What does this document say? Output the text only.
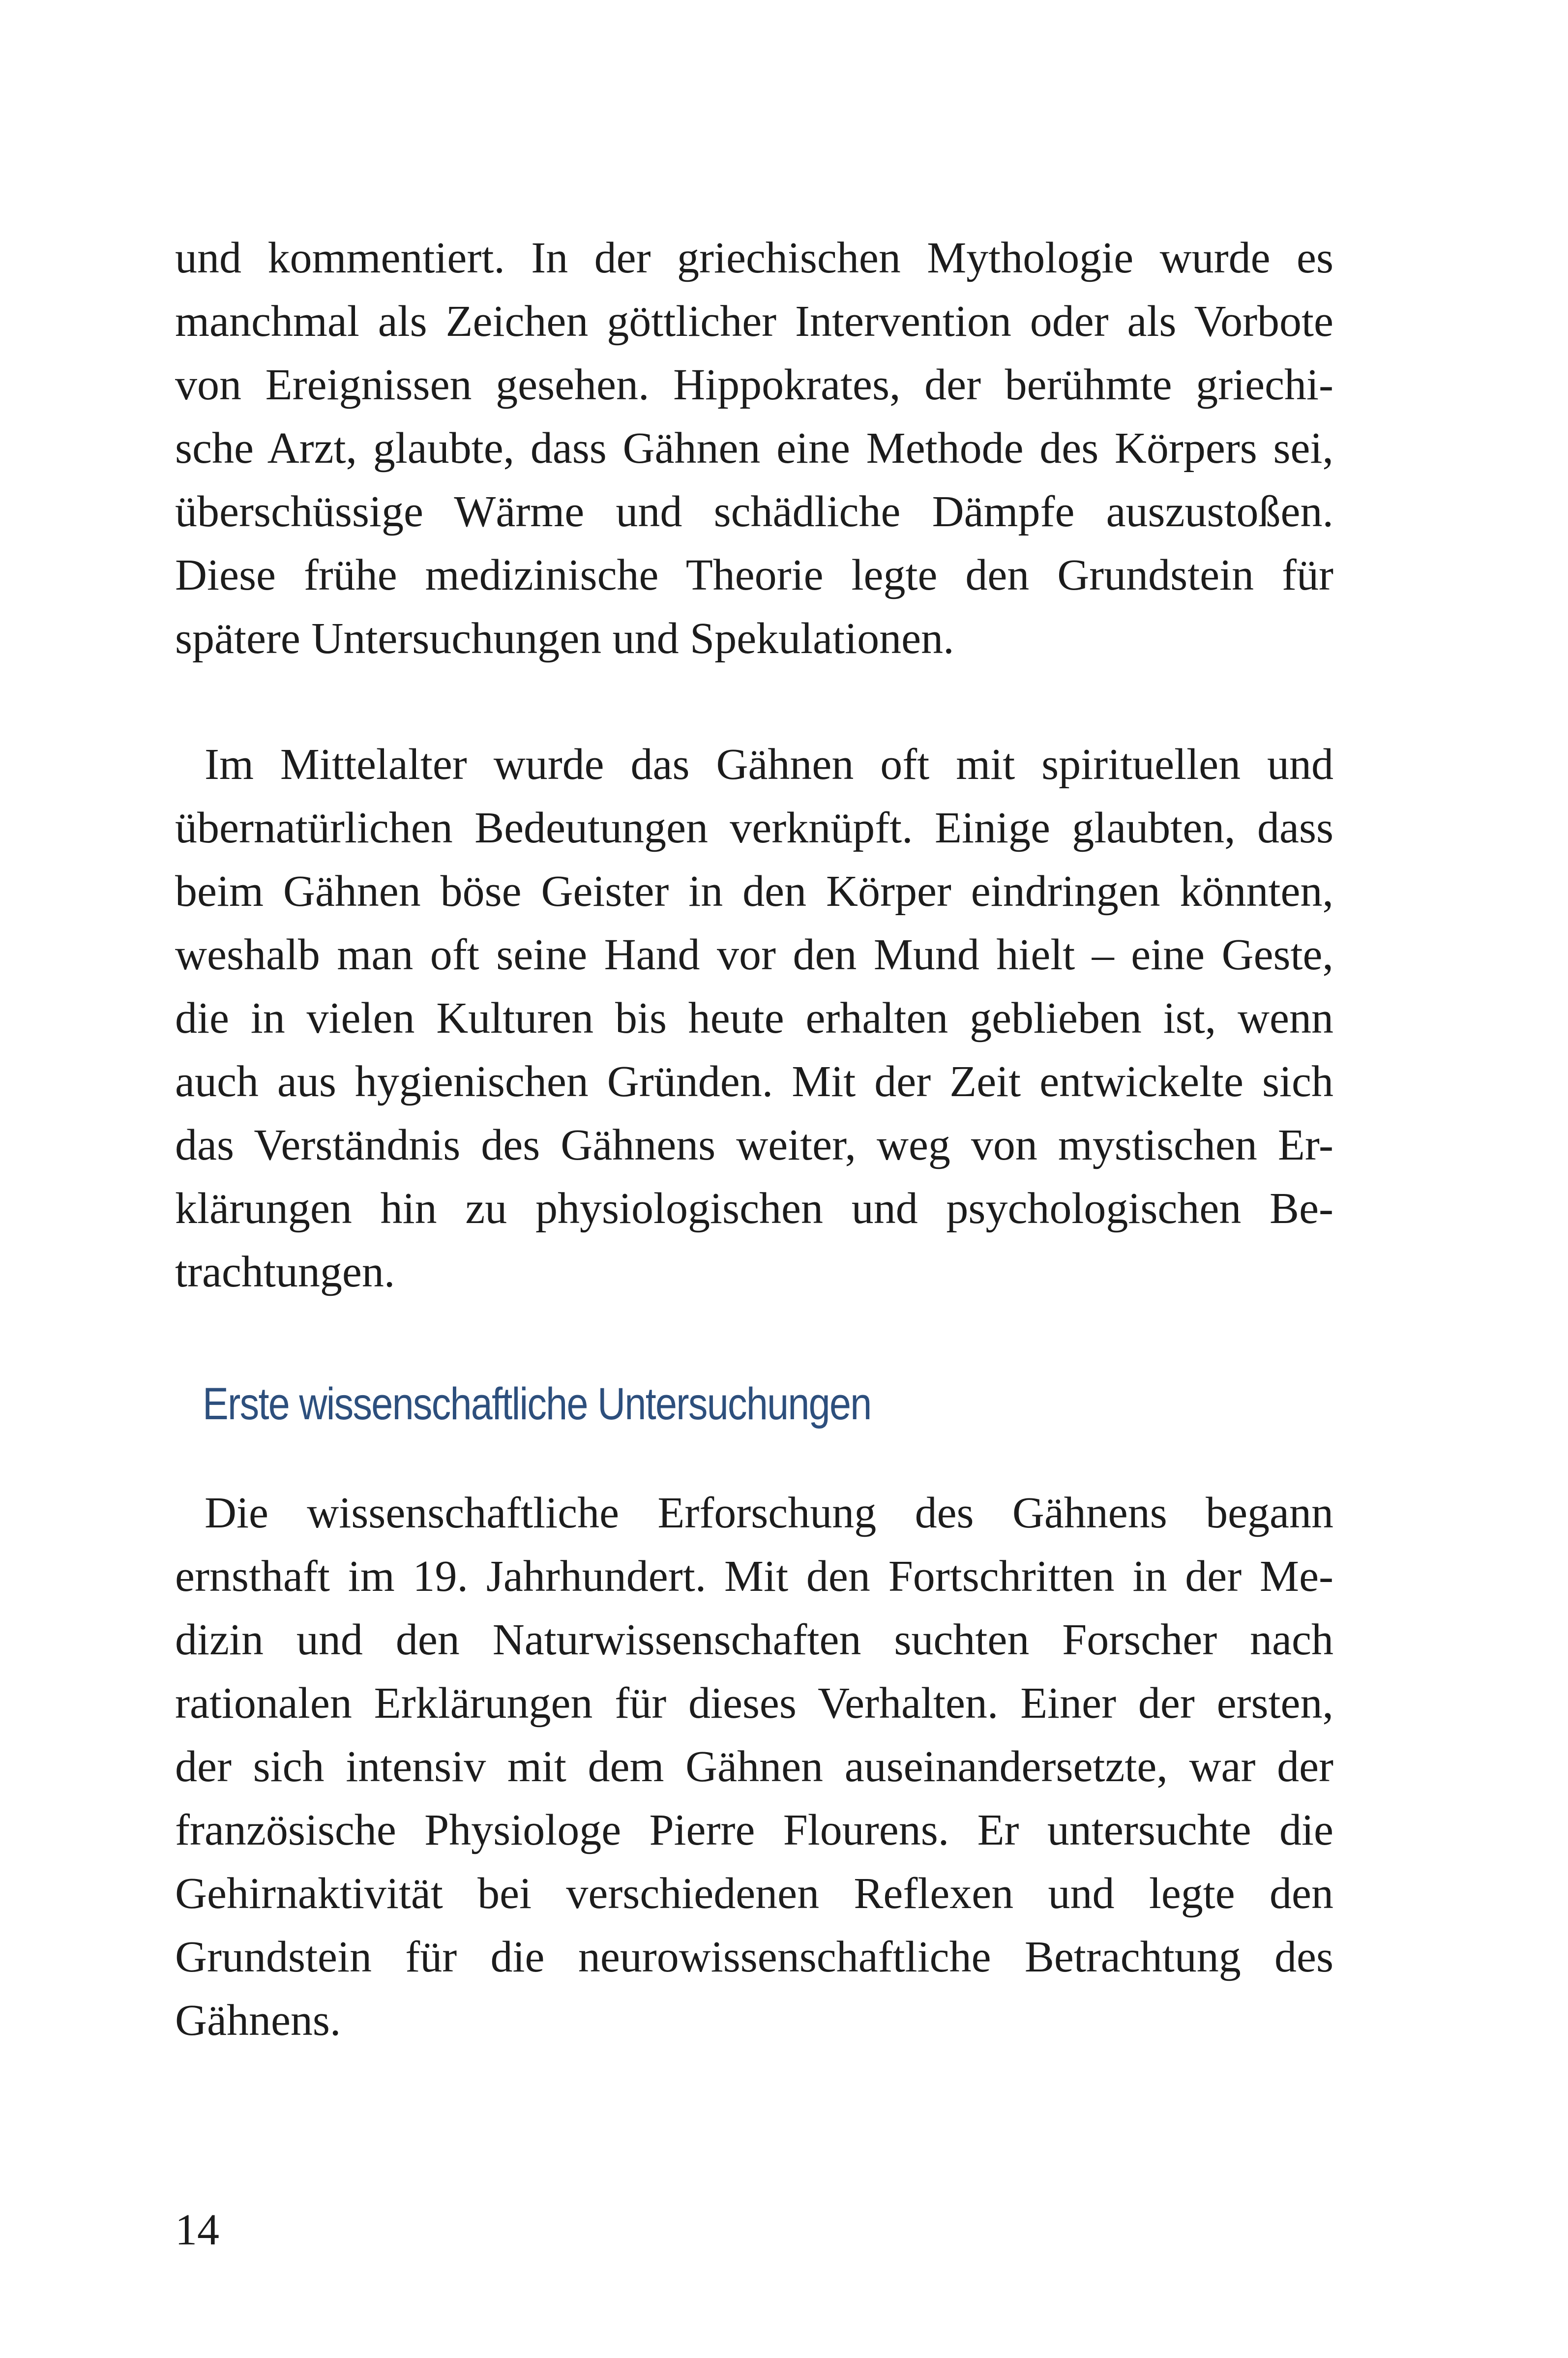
und kommentiert. In der griechischen Mythologie wurde es
manchmal als Zeichen göttlicher Intervention oder als Vorbote
von Ereignissen gesehen. Hippokrates, der berühmte griechi-
sche Arzt, glaubte, dass Gähnen eine Methode des Körpers sei,
überschüssige Wärme und schädliche Dämpfe auszustoßen.
Diese frühe medizinische Theorie legte den Grundstein für
spätere Untersuchungen und Spekulationen.
Im Mittelalter wurde das Gähnen oft mit spirituellen und
übernatürlichen Bedeutungen verknüpft. Einige glaubten, dass
beim Gähnen böse Geister in den Körper eindringen könnten,
weshalb man oft seine Hand vor den Mund hielt – eine Geste,
die in vielen Kulturen bis heute erhalten geblieben ist, wenn
auch aus hygienischen Gründen. Mit der Zeit entwickelte sich
das Verständnis des Gähnens weiter, weg von mystischen Er-
klärungen hin zu physiologischen und psychologischen Be-
trachtungen.
Erste wissenschaftliche Untersuchungen
Die wissenschaftliche Erforschung des Gähnens begann
ernsthaft im 19. Jahrhundert. Mit den Fortschritten in der Me-
dizin und den Naturwissenschaften suchten Forscher nach
rationalen Erklärungen für dieses Verhalten. Einer der ersten,
der sich intensiv mit dem Gähnen auseinandersetzte, war der
französische Physiologe Pierre Flourens. Er untersuchte die
Gehirnaktivität bei verschiedenen Reflexen und legte den
Grundstein für die neurowissenschaftliche Betrachtung des
Gähnens.
14
